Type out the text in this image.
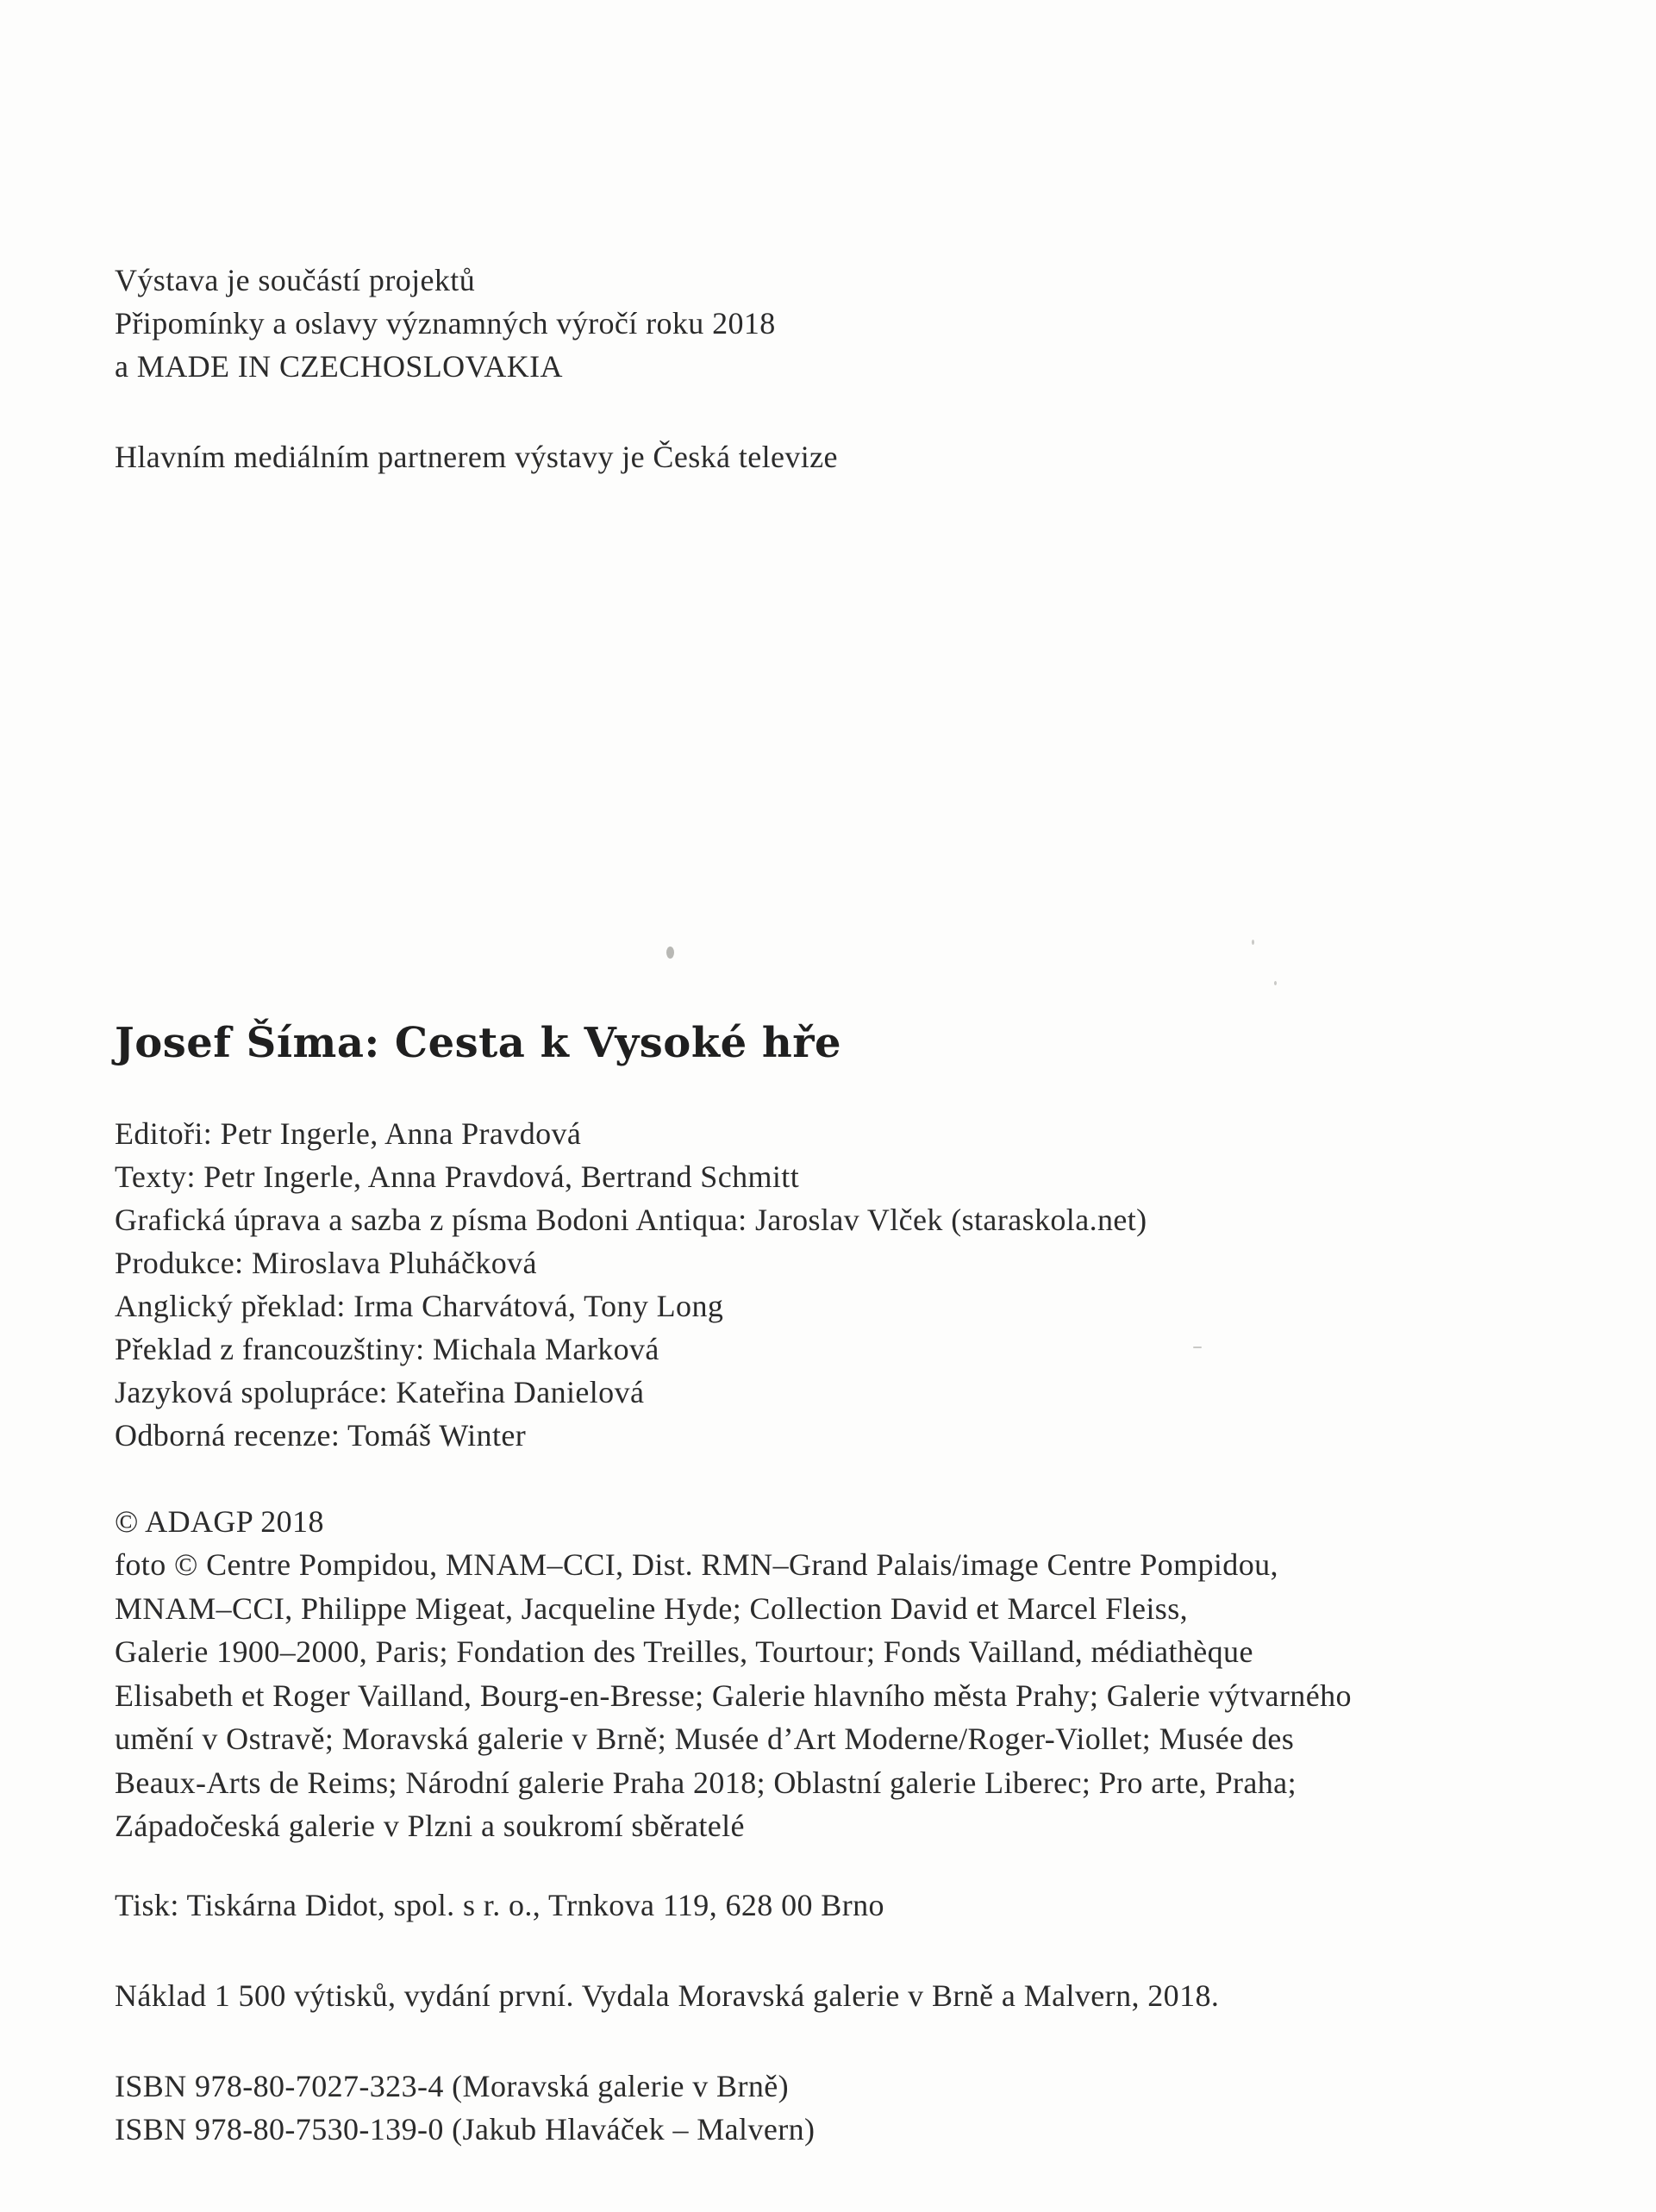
Výstava je součástí projektů
Připomínky a oslavy významných výročí roku 2018
a MADE IN CZECHOSLOVAKIA
Hlavním mediálním partnerem výstavy je Česká televize
Josef Šíma: Cesta k Vysoké hře
Editoři: Petr Ingerle, Anna Pravdová
Texty: Petr Ingerle, Anna Pravdová, Bertrand Schmitt
Grafická úprava a sazba z písma Bodoni Antiqua: Jaroslav Vlček (staraskola.net)
Produkce: Miroslava Pluháčková
Anglický překlad: Irma Charvátová, Tony Long
Překlad z francouzštiny: Michala Marková
Jazyková spolupráce: Kateřina Danielová
Odborná recenze: Tomáš Winter
© ADAGP 2018
foto © Centre Pompidou, MNAM–CCI, Dist. RMN–Grand Palais/image Centre Pompidou,
MNAM–CCI, Philippe Migeat, Jacqueline Hyde; Collection David et Marcel Fleiss,
Galerie 1900–2000, Paris; Fondation des Treilles, Tourtour; Fonds Vailland, médiathèque
Elisabeth et Roger Vailland, Bourg-en-Bresse; Galerie hlavního města Prahy; Galerie výtvarného
umění v Ostravě; Moravská galerie v Brně; Musée d’Art Moderne/Roger-Viollet; Musée des
Beaux-Arts de Reims; Národní galerie Praha 2018; Oblastní galerie Liberec; Pro arte, Praha;
Západočeská galerie v Plzni a soukromí sběratelé
Tisk: Tiskárna Didot, spol. s r. o., Trnkova 119, 628 00 Brno
Náklad 1 500 výtisků, vydání první. Vydala Moravská galerie v Brně a Malvern, 2018.
ISBN 978-80-7027-323-4 (Moravská galerie v Brně)
ISBN 978-80-7530-139-0 (Jakub Hlaváček – Malvern)
